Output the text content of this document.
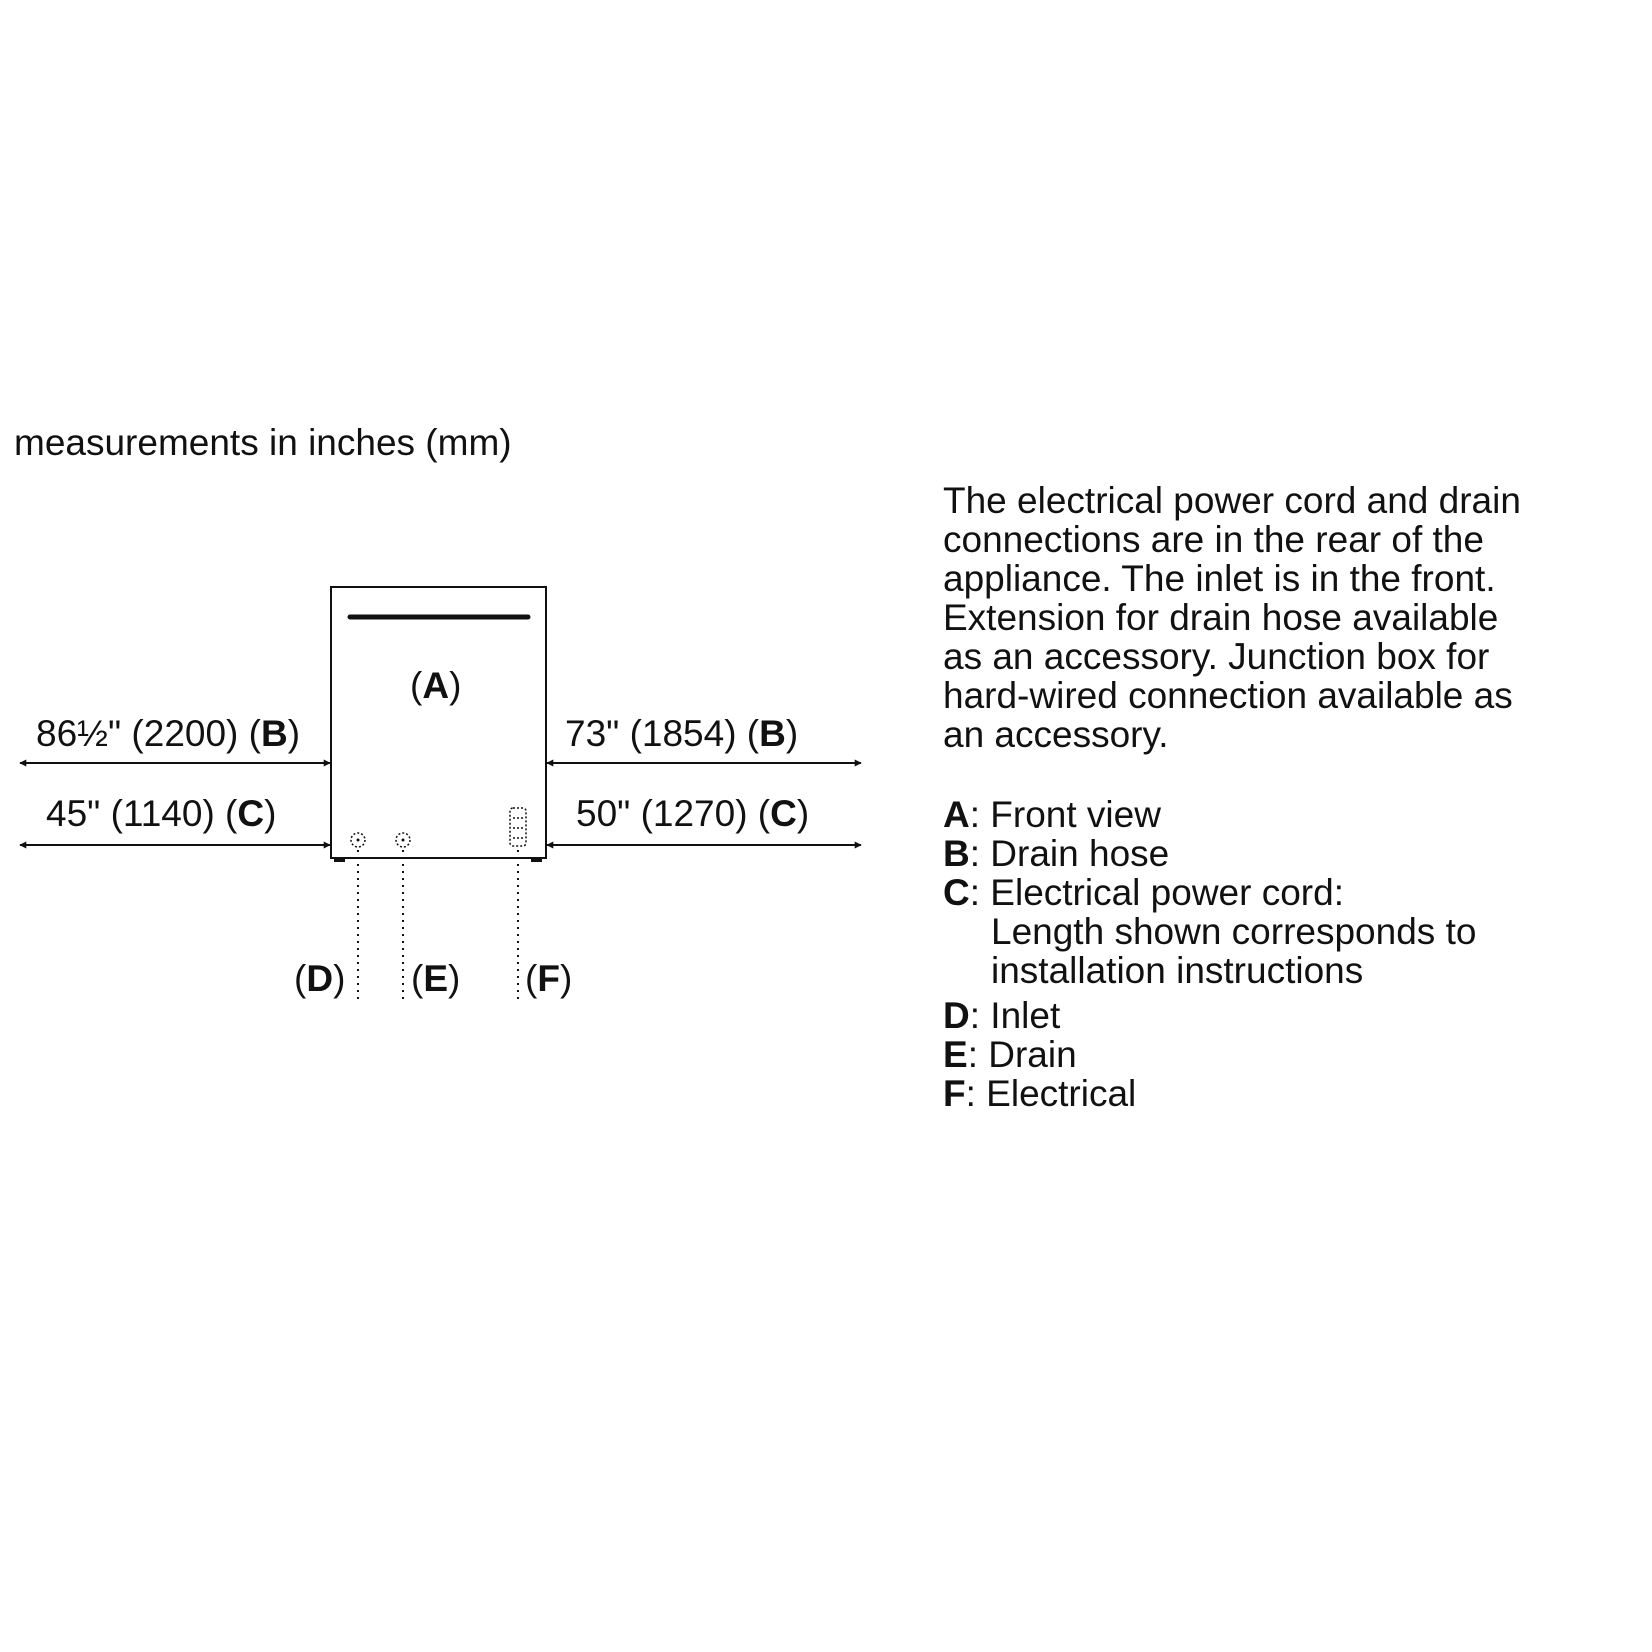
measurements in inches (mm)
(A)
86½" (2200) (B)
45" (1140) (C)
73" (1854) (B)
50" (1270) (C)
(D) (E) (F)
The electrical power cord and drain
connections are in the rear of the
appliance. The inlet is in the front.
Extension for drain hose available
as an accessory. Junction box for
hard-wired connection available as
an accessory.
A: Front view
B: Drain hose
C: Electrical power cord:
Length shown corresponds to
installation instructions
D: Inlet
E: Drain
F: Electrical
